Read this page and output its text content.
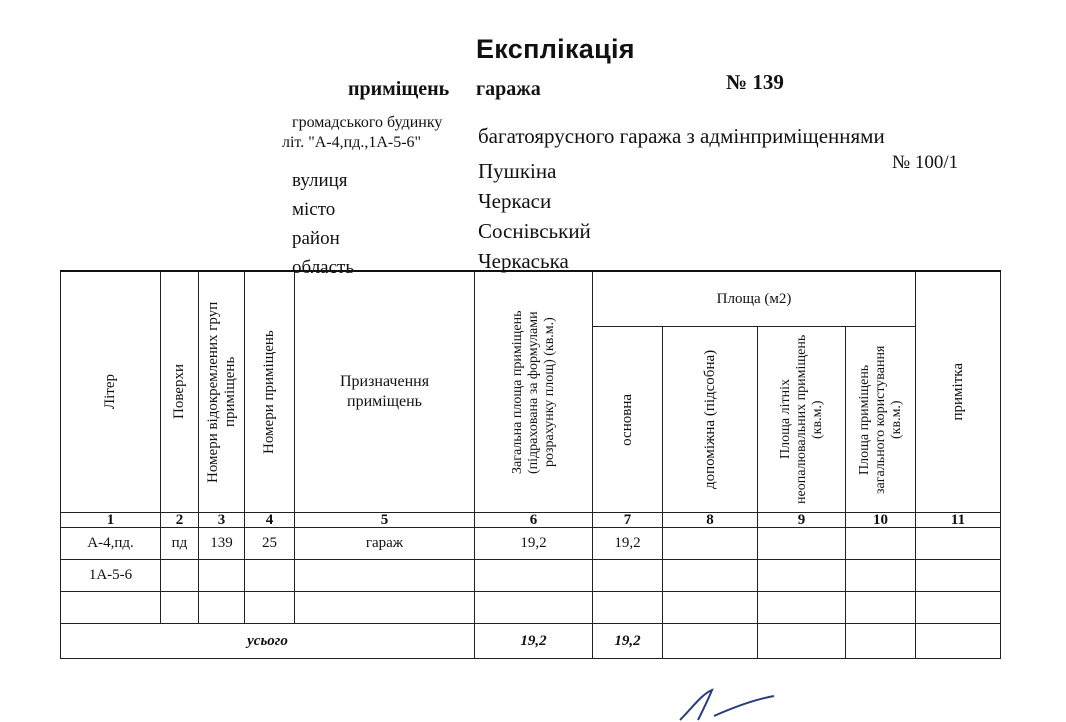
Експлікація
приміщень гаража	№ 139
громадського будинку
літ. "А-4,пд.,1А-5-6"	багатоярусного гаража з адмінприміщеннями
№ 100/1
вулиця	Пушкіна
місто	Черкаси
район	Соснівський
область	Черкаська
Літер	Поверхи	Номери відокремлених груп приміщень	Номери приміщень	Призначення приміщень	Загальна площа приміщень (підрахована за формулами розрахунку площ) (кв.м.)	Площа (м2)				примітка

						основна	допоміжна (підсобна)	Площа літніх неопалювальних приміщень (кв.м.)	Площа приміщень загального користування (кв.м.)	

1	2	3	4	5	6	7	8	9	10	11
А-4,пд.	пд	139	25	гараж	19,2	19,2				
1А-5-6										

усього					19,2	19,2				
